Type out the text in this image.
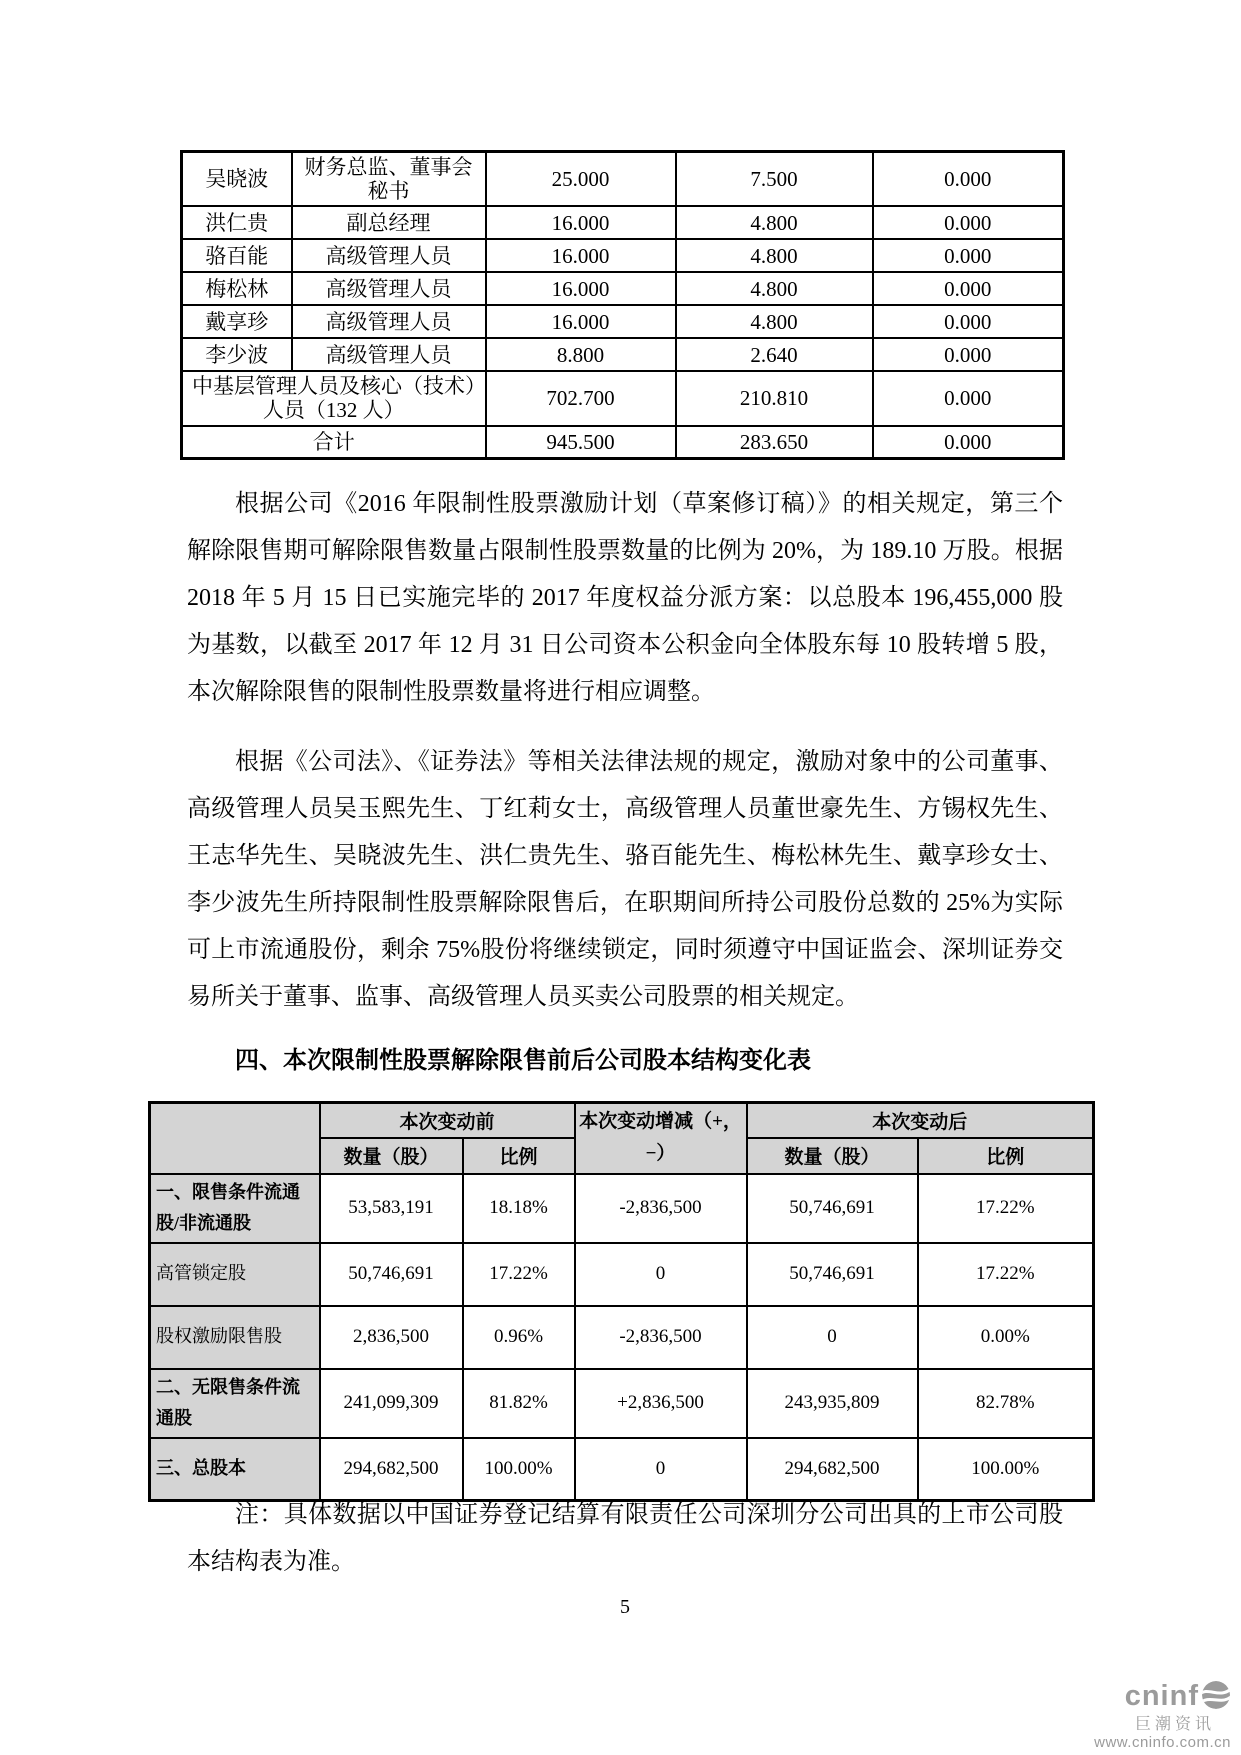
吴晓波	财务总监、董事会秘书	25.000	7.500	0.000
洪仁贵	副总经理	16.000	4.800	0.000
骆百能	高级管理人员	16.000	4.800	0.000
梅松林	高级管理人员	16.000	4.800	0.000
戴享珍	高级管理人员	16.000	4.800	0.000
李少波	高级管理人员	8.800	2.640	0.000
中基层管理人员及核心（技术）人员（132 人）		702.700	210.810	0.000
合计		945.500	283.650	0.000

根据公司《2016 年限制性股票激励计划（草案修订稿）》的相关规定，第三个解除限售期可解除限售数量占限制性股票数量的比例为 20%，为 189.10 万股。根据 2018 年 5 月 15 日已实施完毕的 2017 年度权益分派方案：以总股本 196,455,000 股为基数，以截至 2017 年 12 月 31 日公司资本公积金向全体股东每 10 股转增 5 股，本次解除限售的限制性股票数量将进行相应调整。

根据《公司法》、《证券法》等相关法律法规的规定，激励对象中的公司董事、高级管理人员吴玉熙先生、丁红莉女士，高级管理人员董世豪先生、方锡权先生、王志华先生、吴晓波先生、洪仁贵先生、骆百能先生、梅松林先生、戴享珍女士、李少波先生所持限制性股票解除限售后，在职期间所持公司股份总数的 25%为实际可上市流通股份，剩余 75%股份将继续锁定，同时须遵守中国证监会、深圳证券交易所关于董事、监事、高级管理人员买卖公司股票的相关规定。

四、本次限制性股票解除限售前后公司股本结构变化表
	本次变动前		本次变动增减（+，−）	本次变动后	
	数量（股）	比例		数量（股）	比例
一、限售条件流通股/非流通股	53,583,191	18.18%	-2,836,500	50,746,691	17.22%
高管锁定股	50,746,691	17.22%	0	50,746,691	17.22%
股权激励限售股	2,836,500	0.96%	-2,836,500	0	0.00%
二、无限售条件流通股	241,099,309	81.82%	+2,836,500	243,935,809	82.78%
三、总股本	294,682,500	100.00%	0	294,682,500	100.00%

注：具体数据以中国证券登记结算有限责任公司深圳分公司出具的上市公司股本结构表为准。

5
cninf
巨潮资讯
www.cninfo.com.cn
